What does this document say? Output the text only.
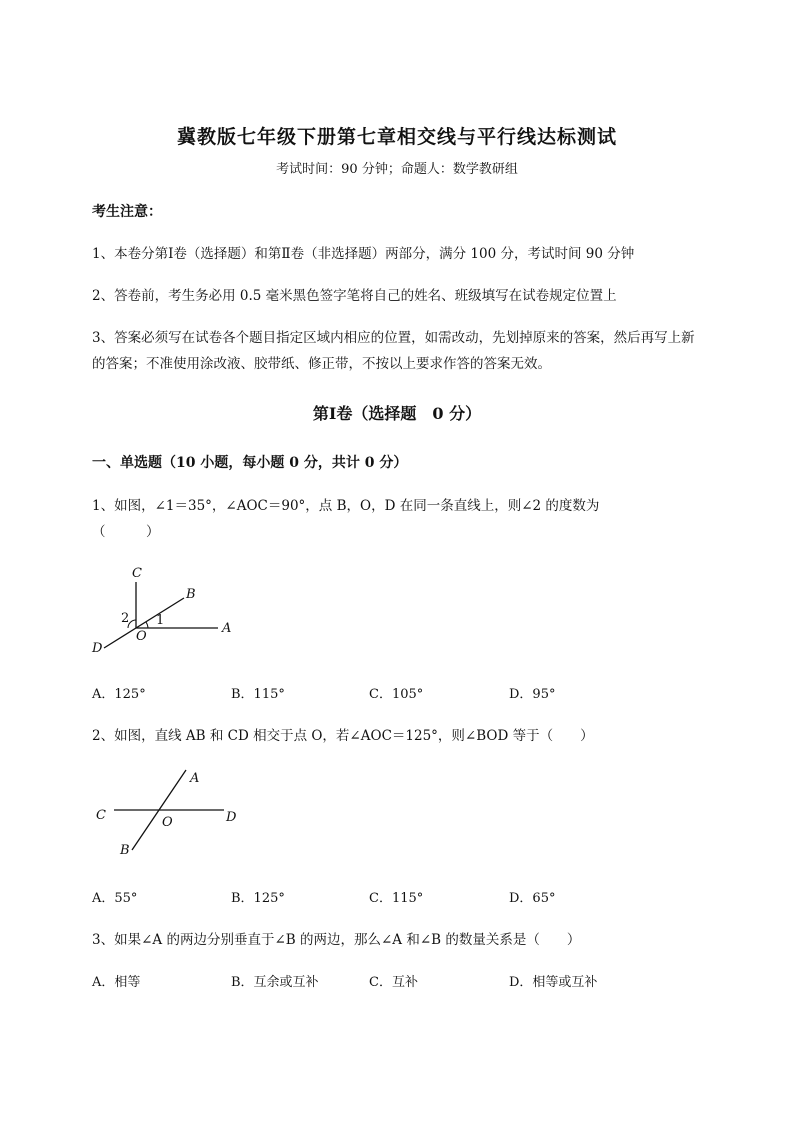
冀教版七年级下册第七章相交线与平行线达标测试
考试时间：90 分钟；命题人：数学教研组
考生注意：
1、本卷分第Ⅰ卷（选择题）和第Ⅱ卷（非选择题）两部分，满分 100 分，考试时间 90 分钟
2、答卷前，考生务必用 0.5 毫米黑色签字笔将自己的姓名、班级填写在试卷规定位置上
3、答案必须写在试卷各个题目指定区域内相应的位置，如需改动，先划掉原来的答案，然后再写上新
的答案；不准使用涂改液、胶带纸、修正带，不按以上要求作答的答案无效。
第Ⅰ卷（选择题　0 分）
一、单选题（10 小题，每小题 0 分，共计 0 分）
1、如图，∠1＝35°，∠AOC＝90°，点 B，O，D 在同一条直线上，则∠2 的度数为
（　　　）
C
B
A
D
O
1
2
A．125°	B．115°	C．105°	D．95°
2、如图，直线 AB 和 CD 相交于点 O，若∠AOC＝125°，则∠BOD 等于（　　）
C	D
A
B
O
A．55°	B．125°	C．115°	D．65°
3、如果∠A 的两边分别垂直于∠B 的两边，那么∠A 和∠B 的数量关系是（　　）
A．相等	B．互余或互补	C．互补	D．相等或互补
